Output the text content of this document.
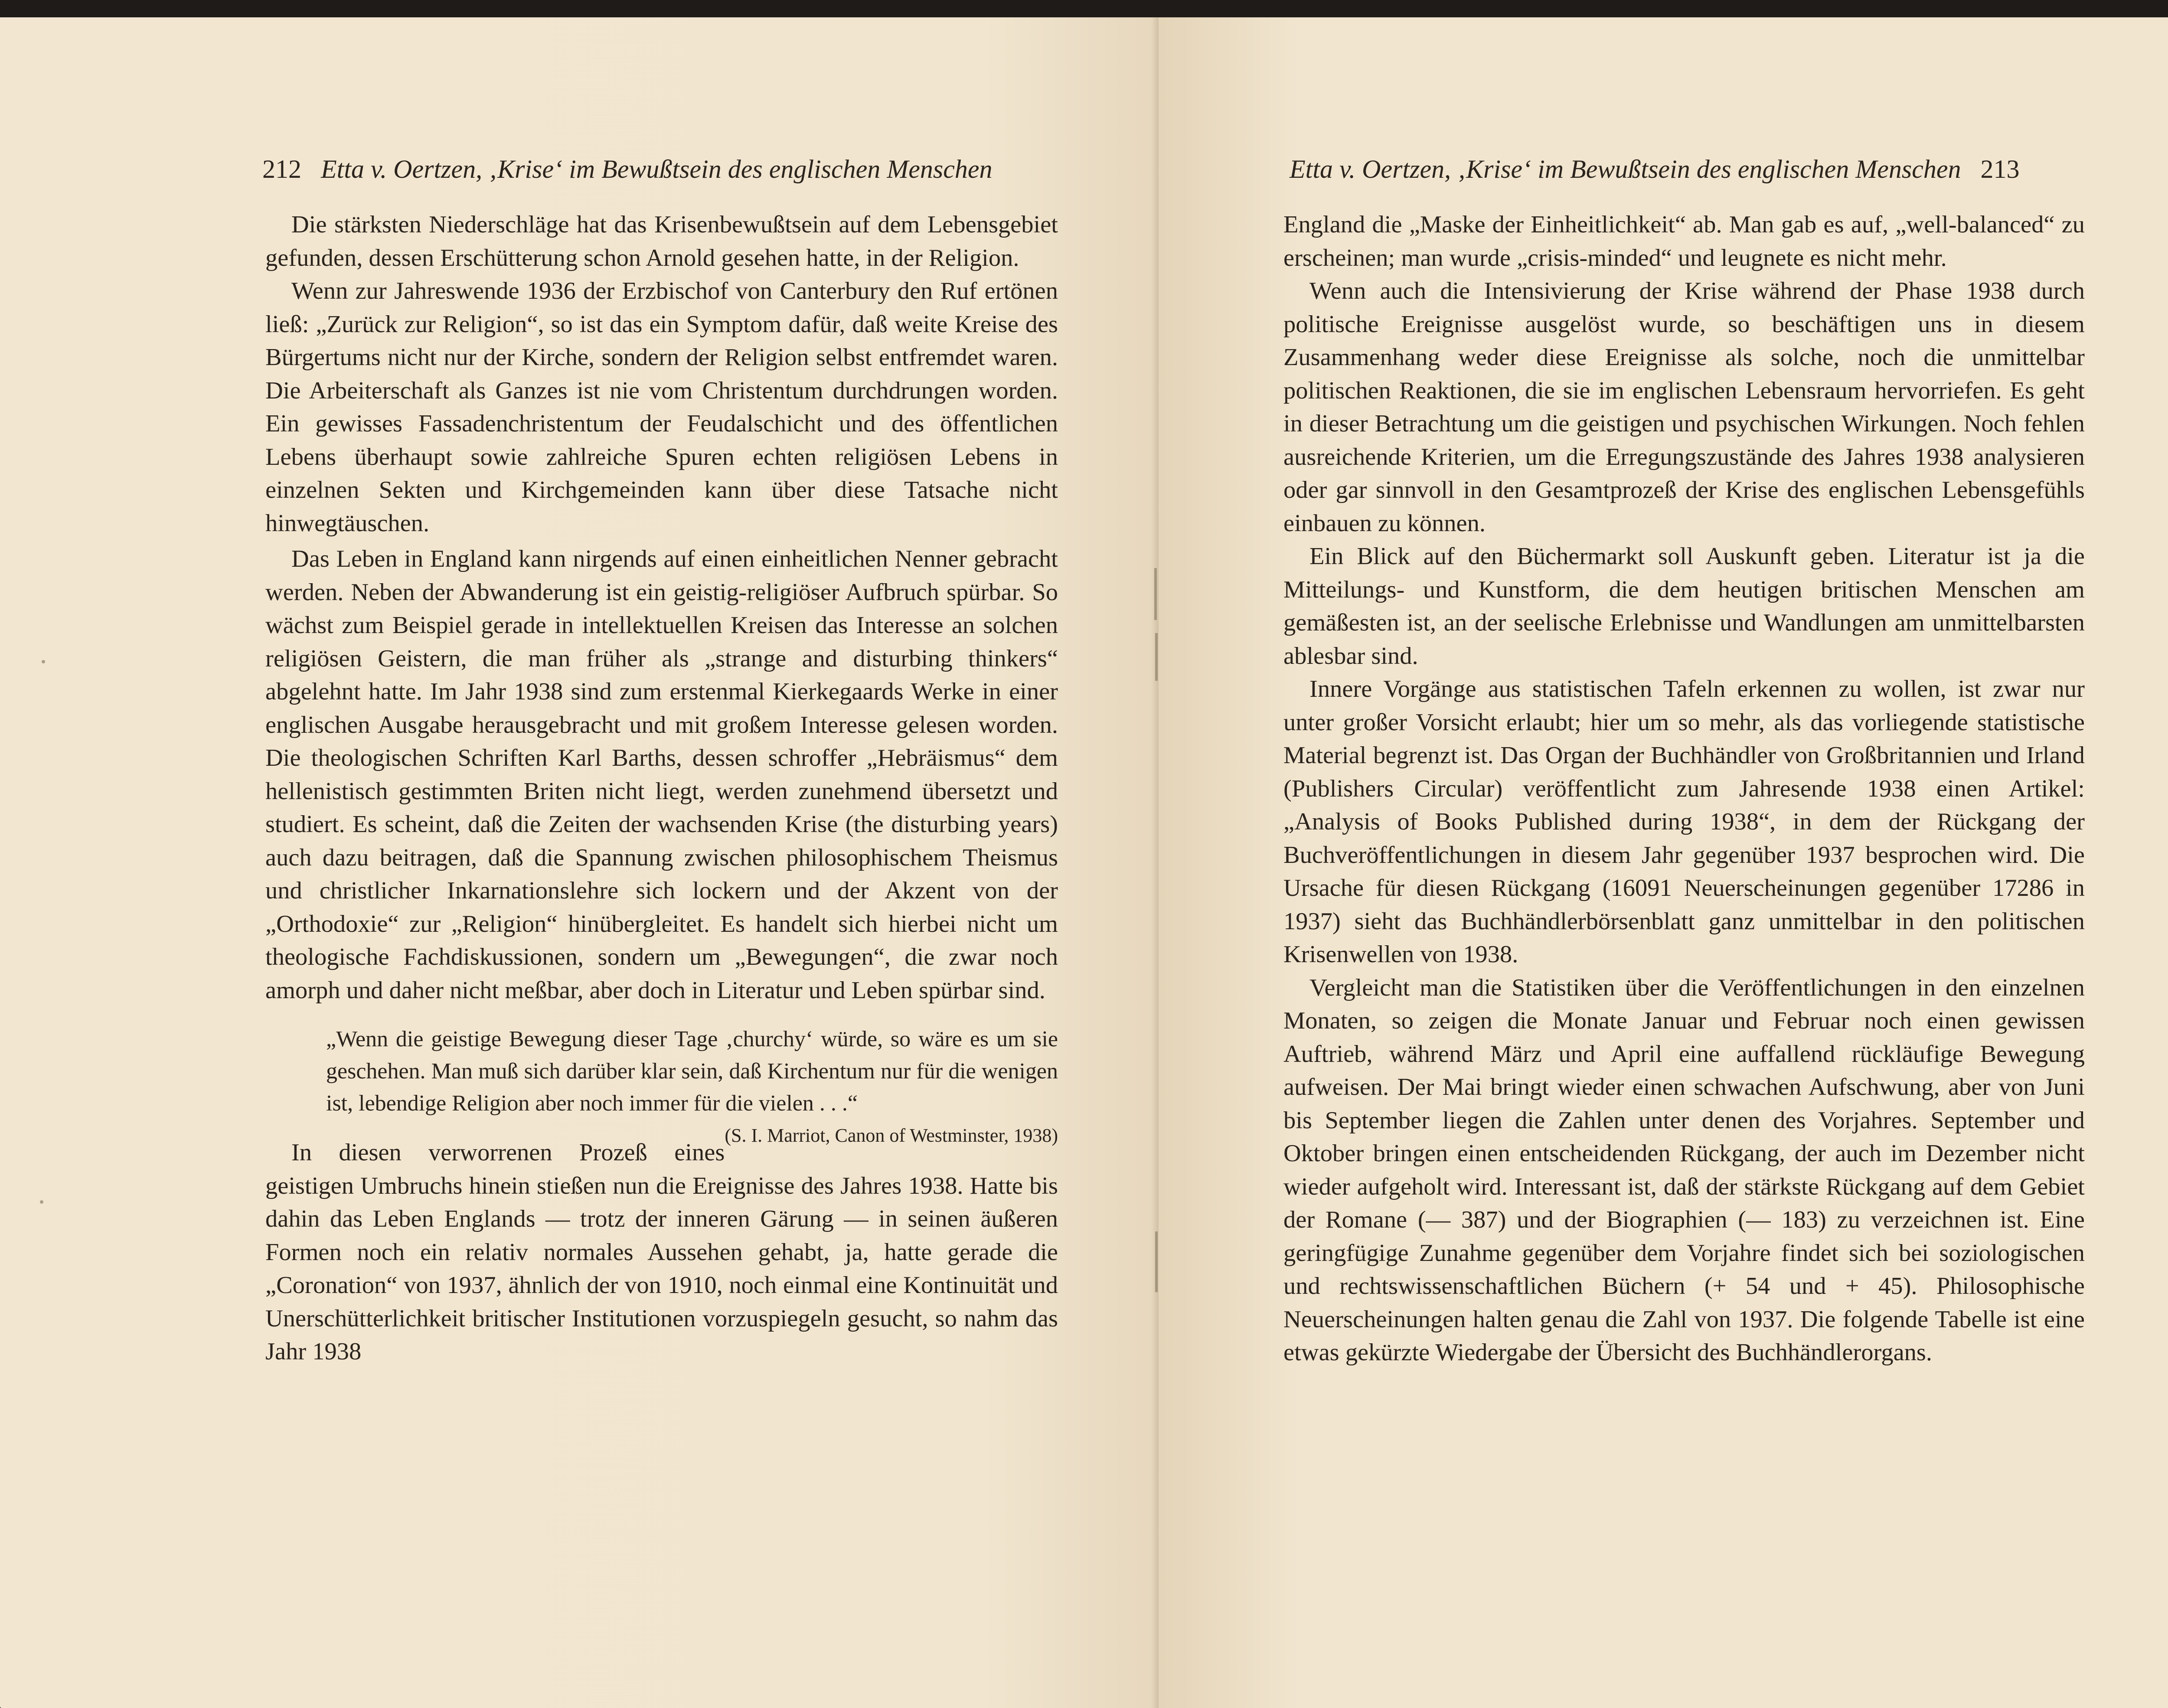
212 Etta v. Oertzen, ‚Krise‘ im Bewußtsein des englischen Menschen

Die stärksten Niederschläge hat das Krisenbewußtsein auf dem Lebensgebiet gefunden, dessen Erschütterung schon Arnold gesehen hatte, in der Religion.

Wenn zur Jahreswende 1936 der Erzbischof von Canterbury den Ruf ertönen ließ: „Zurück zur Religion“, so ist das ein Symptom dafür, daß weite Kreise des Bürgertums nicht nur der Kirche, sondern der Religion selbst entfremdet waren. Die Arbeiterschaft als Ganzes ist nie vom Christentum durchdrungen worden. Ein gewisses Fassadenchristentum der Feudalschicht und des öffentlichen Lebens überhaupt sowie zahlreiche Spuren echten religiösen Lebens in einzelnen Sekten und Kirchgemeinden kann über diese Tatsache nicht hinwegtäuschen.

Das Leben in England kann nirgends auf einen einheitlichen Nenner gebracht werden. Neben der Abwanderung ist ein geistig-religiöser Aufbruch spürbar. So wächst zum Beispiel gerade in intellektuellen Kreisen das Interesse an solchen religiösen Geistern, die man früher als „strange and disturbing thinkers“ abgelehnt hatte. Im Jahr 1938 sind zum erstenmal Kierkegaards Werke in einer englischen Ausgabe herausgebracht und mit großem Interesse gelesen worden. Die theologischen Schriften Karl Barths, dessen schroffer „Hebräismus“ dem hellenistisch gestimmten Briten nicht liegt, werden zunehmend übersetzt und studiert. Es scheint, daß die Zeiten der wachsenden Krise (the disturbing years) auch dazu beitragen, daß die Spannung zwischen philosophischem Theismus und christlicher Inkarnationslehre sich lockern und der Akzent von der „Orthodoxie“ zur „Religion“ hinübergleitet. Es handelt sich hierbei nicht um theologische Fachdiskussionen, sondern um „Bewegungen“, die zwar noch amorph und daher nicht meßbar, aber doch in Literatur und Leben spürbar sind.

„Wenn die geistige Bewegung dieser Tage ‚churchy‘ würde, so wäre es um sie geschehen. Man muß sich darüber klar sein, daß Kirchentum nur für die wenigen ist, lebendige Religion aber noch immer für die vielen . . .“
(S. I. Marriot, Canon of Westminster, 1938)

In diesen verworrenen Prozeß eines geistigen Umbruchs hinein stießen nun die Ereignisse des Jahres 1938. Hatte bis dahin das Leben Englands — trotz der inneren Gärung — in seinen äußeren Formen noch ein relativ normales Aussehen gehabt, ja, hatte gerade die „Coronation“ von 1937, ähnlich der von 1910, noch einmal eine Kontinuität und Unerschütterlichkeit britischer Institutionen vorzuspiegeln gesucht, so nahm das Jahr 1938

Etta v. Oertzen, ‚Krise‘ im Bewußtsein des englischen Menschen 213

England die „Maske der Einheitlichkeit“ ab. Man gab es auf, „well-balanced“ zu erscheinen; man wurde „crisis-minded“ und leugnete es nicht mehr.

Wenn auch die Intensivierung der Krise während der Phase 1938 durch politische Ereignisse ausgelöst wurde, so beschäftigen uns in diesem Zusammenhang weder diese Ereignisse als solche, noch die unmittelbar politischen Reaktionen, die sie im englischen Lebensraum hervorriefen. Es geht in dieser Betrachtung um die geistigen und psychischen Wirkungen. Noch fehlen ausreichende Kriterien, um die Erregungszustände des Jahres 1938 analysieren oder gar sinnvoll in den Gesamtprozeß der Krise des englischen Lebensgefühls einbauen zu können.

Ein Blick auf den Büchermarkt soll Auskunft geben. Literatur ist ja die Mitteilungs- und Kunstform, die dem heutigen britischen Menschen am gemäßesten ist, an der seelische Erlebnisse und Wandlungen am unmittelbarsten ablesbar sind.

Innere Vorgänge aus statistischen Tafeln erkennen zu wollen, ist zwar nur unter großer Vorsicht erlaubt; hier um so mehr, als das vorliegende statistische Material begrenzt ist. Das Organ der Buchhändler von Großbritannien und Irland (Publishers Circular) veröffentlicht zum Jahresende 1938 einen Artikel: „Analysis of Books Published during 1938“, in dem der Rückgang der Buchveröffentlichungen in diesem Jahr gegenüber 1937 besprochen wird. Die Ursache für diesen Rückgang (16091 Neuerscheinungen gegenüber 17286 in 1937) sieht das Buchhändlerbörsenblatt ganz unmittelbar in den politischen Krisenwellen von 1938.

Vergleicht man die Statistiken über die Veröffentlichungen in den einzelnen Monaten, so zeigen die Monate Januar und Februar noch einen gewissen Auftrieb, während März und April eine auffallend rückläufige Bewegung aufweisen. Der Mai bringt wieder einen schwachen Aufschwung, aber von Juni bis September liegen die Zahlen unter denen des Vorjahres. September und Oktober bringen einen entscheidenden Rückgang, der auch im Dezember nicht wieder aufgeholt wird. Interessant ist, daß der stärkste Rückgang auf dem Gebiet der Romane (— 387) und der Biographien (— 183) zu verzeichnen ist. Eine geringfügige Zunahme gegenüber dem Vorjahre findet sich bei soziologischen und rechtswissenschaftlichen Büchern (+ 54 und + 45). Philosophische Neuerscheinungen halten genau die Zahl von 1937. Die folgende Tabelle ist eine etwas gekürzte Wiedergabe der Übersicht des Buchhändlerorgans.
